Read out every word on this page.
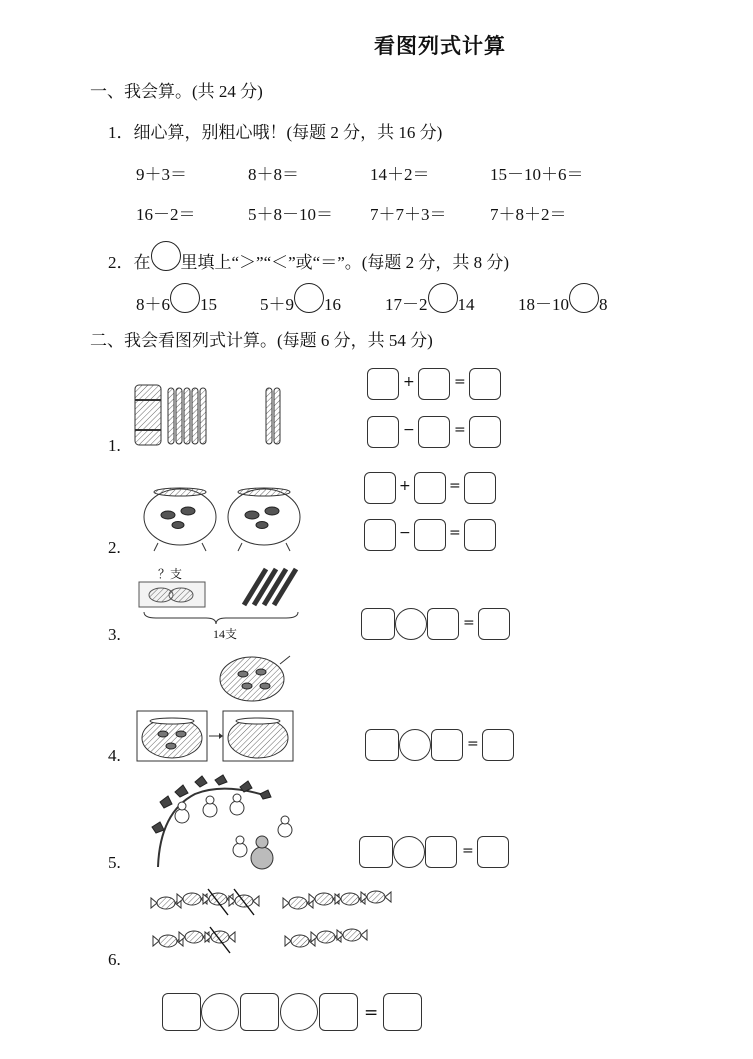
看图列式计算
一、我会算。(共 24 分)
1．细心算，别粗心哦！(每题 2 分，共 16 分)
9＋3＝	8＋8＝	14＋2＝	15－10＋6＝
16－2＝	5＋8－10＝ 7＋7＋3＝	7＋8＋2＝
2．在 里填上“＞”“＜”或“＝”。(每题 2 分，共 8 分)
8＋6 15	5＋9 16	17－2 14	18－10 8
二、我会看图列式计算。(每题 6 分，共 54 分)
1.
2.
3.
4.
5.
6.
+	=
−	=
+	=
−	=
？支
14支
=
=
=
=
